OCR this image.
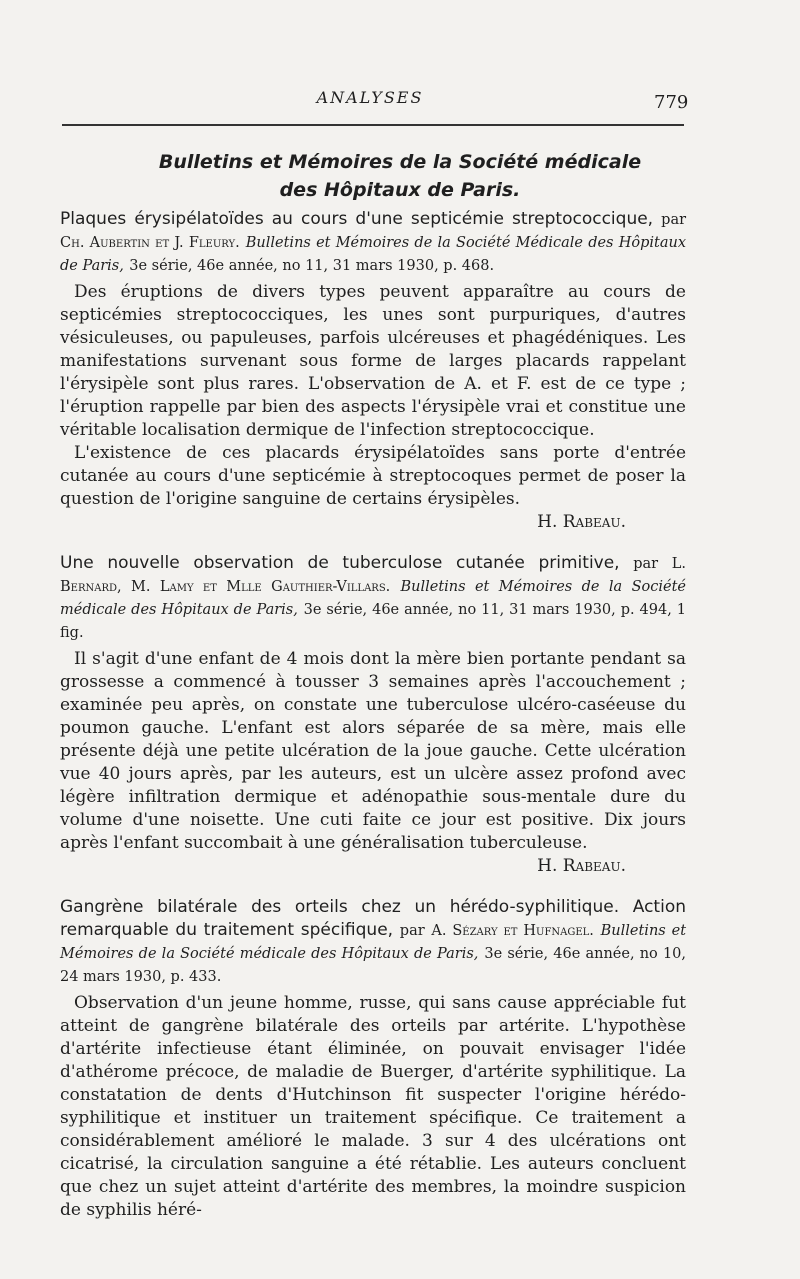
ANALYSES	779
Bulletins et Mémoires de la Société médicale
des Hôpitaux de Paris.
Plaques érysipélatoïdes au cours d'une septicémie streptococcique, par Ch. Aubertin et J. Fleury. Bulletins et Mémoires de la Société Médicale des Hôpitaux de Paris, 3e série, 46e année, no 11, 31 mars 1930, p. 468.

Des éruptions de divers types peuvent apparaître au cours de septicémies streptococciques, les unes sont purpuriques, d'autres vésiculeuses, ou papuleuses, parfois ulcéreuses et phagédéniques. Les manifestations survenant sous forme de larges placards rappelant l'érysipèle sont plus rares. L'observation de A. et F. est de ce type ; l'éruption rappelle par bien des aspects l'érysipèle vrai et constitue une véritable localisation dermique de l'infection streptococcique.

L'existence de ces placards érysipélatoïdes sans porte d'entrée cutanée au cours d'une septicémie à streptocoques permet de poser la question de l'origine sanguine de certains érysipèles.

H. Rabeau.
Une nouvelle observation de tuberculose cutanée primitive, par L. Bernard, M. Lamy et Mlle Gauthier-Villars. Bulletins et Mémoires de la Société médicale des Hôpitaux de Paris, 3e série, 46e année, no 11, 31 mars 1930, p. 494, 1 fig.

Il s'agit d'une enfant de 4 mois dont la mère bien portante pendant sa grossesse a commencé à tousser 3 semaines après l'accouchement ; examinée peu après, on constate une tuberculose ulcéro-caséeuse du poumon gauche. L'enfant est alors séparée de sa mère, mais elle présente déjà une petite ulcération de la joue gauche. Cette ulcération vue 40 jours après, par les auteurs, est un ulcère assez profond avec légère infiltration dermique et adénopathie sous-mentale dure du volume d'une noisette. Une cuti faite ce jour est positive. Dix jours après l'enfant succombait à une généralisation tuberculeuse.

H. Rabeau.
Gangrène bilatérale des orteils chez un hérédo-syphilitique. Action remarquable du traitement spécifique, par A. Sézary et Hufnagel. Bulletins et Mémoires de la Société médicale des Hôpitaux de Paris, 3e série, 46e année, no 10, 24 mars 1930, p. 433.

Observation d'un jeune homme, russe, qui sans cause appréciable fut atteint de gangrène bilatérale des orteils par artérite. L'hypothèse d'artérite infectieuse étant éliminée, on pouvait envisager l'idée d'athérome précoce, de maladie de Buerger, d'artérite syphilitique. La constatation de dents d'Hutchinson fit suspecter l'origine hérédo-syphilitique et instituer un traitement spécifique. Ce traitement a considérablement amélioré le malade. 3 sur 4 des ulcérations ont cicatrisé, la circulation sanguine a été rétablie. Les auteurs concluent que chez un sujet atteint d'artérite des membres, la moindre suspicion de syphilis héré-
